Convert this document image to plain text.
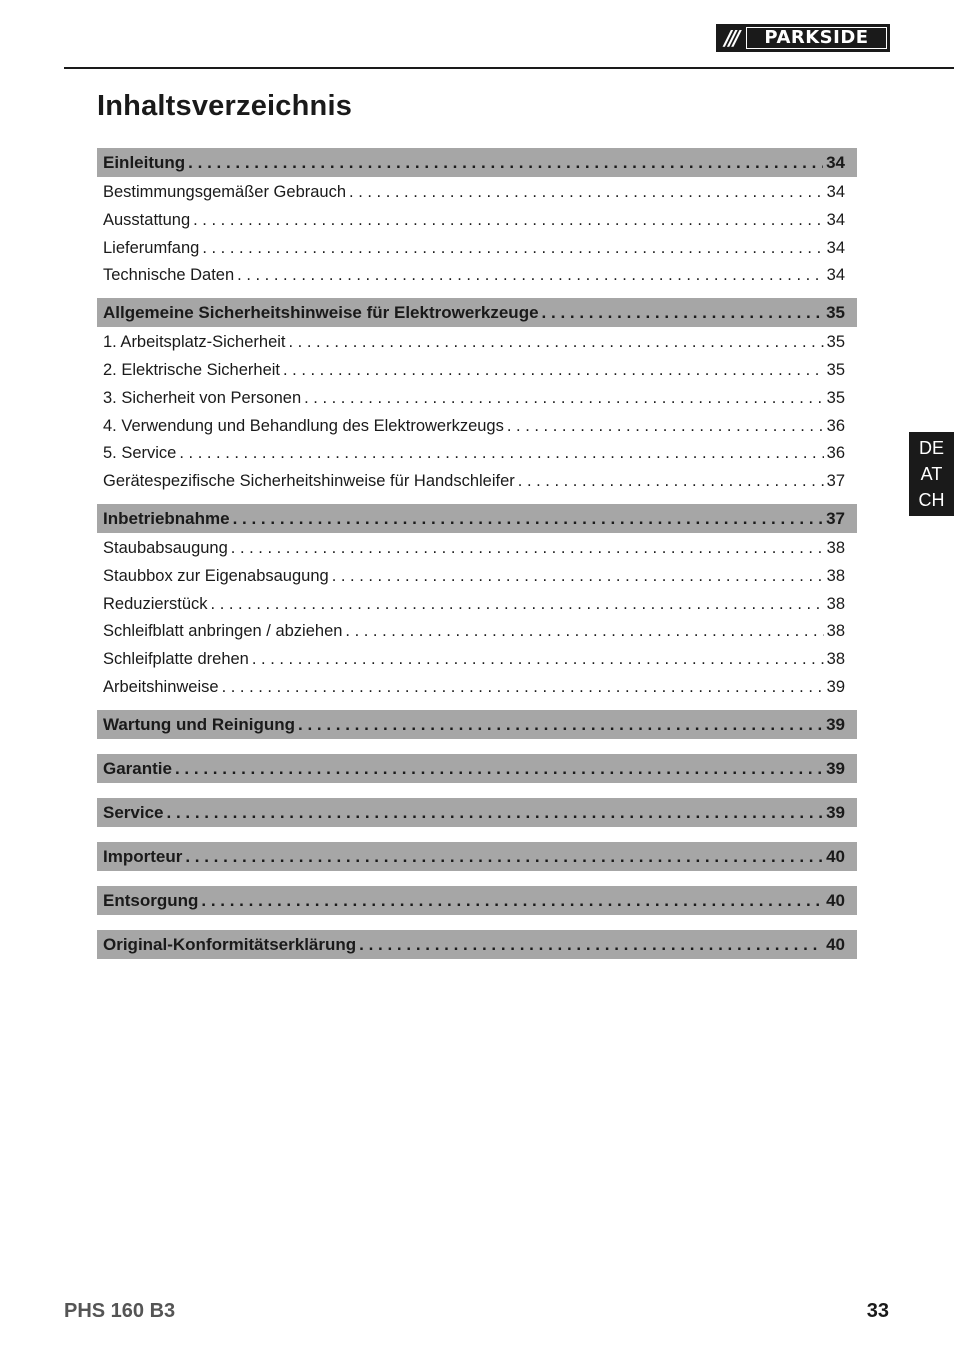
///	PARKSIDE
Inhaltsverzeichnis
Einleitung . . .	34
Bestimmungsgemäßer Gebrauch . . .	34
Ausstattung . . .	34
Lieferumfang . . .	34
Technische Daten . . .	34
Allgemeine Sicherheitshinweise für Elektrowerkzeuge . . .	35
1. Arbeitsplatz-Sicherheit . . .	35
2. Elektrische Sicherheit . . .	35
3. Sicherheit von Personen . . .	35
4. Verwendung und Behandlung des Elektrowerkzeugs . . .	36
5. Service . . .	36
Gerätespezifische Sicherheitshinweise für Handschleifer . . .	37
Inbetriebnahme . . .	37
Staubabsaugung . . .	38
Staubbox zur Eigenabsaugung . . .	38
Reduzierstück . . .	38
Schleifblatt anbringen / abziehen . . .	38
Schleifplatte drehen . . .	38
Arbeitshinweise . . .	39
Wartung und Reinigung . . .	39
Garantie . . .	39
Service . . .	39
Importeur . . .	40
Entsorgung . . .	40
Original-Konformitätserklärung . . .	40
DE
AT
CH
PHS 160 B3	33
